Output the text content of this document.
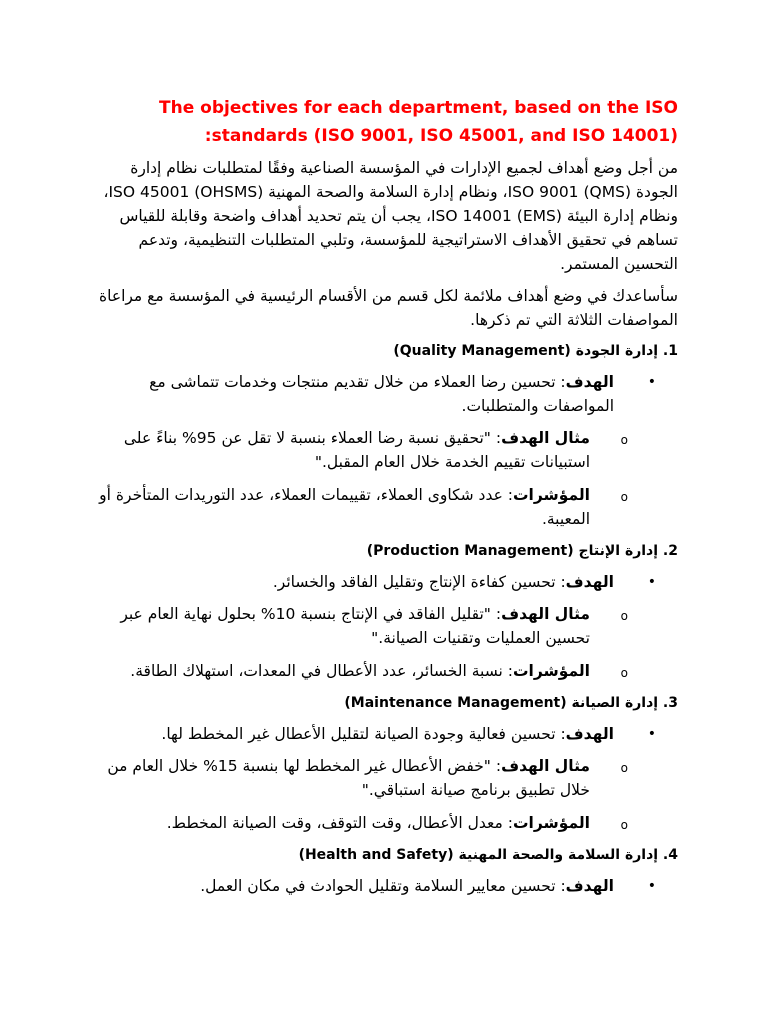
The objectives for each department, based on the ISO standards (ISO 9001, ISO 45001, and ISO 14001):

من أجل وضع أهداف لجميع الإدارات في المؤسسة الصناعية وفقًا لمتطلبات نظام إدارة الجودة (QMS) ISO 9001، ونظام إدارة السلامة والصحة المهنية ISO 45001 (OHSMS)، ونظام إدارة البيئة (EMS) ISO 14001، يجب أن يتم تحديد أهداف واضحة وقابلة للقياس تساهم في تحقيق الأهداف الاستراتيجية للمؤسسة، وتلبي المتطلبات التنظيمية، وتدعم التحسين المستمر.

سأساعدك في وضع أهداف ملائمة لكل قسم من الأقسام الرئيسية في المؤسسة مع مراعاة المواصفات الثلاثة التي تم ذكرها.

1. إدارة الجودة (Quality Management)
•
الهدف: تحسين رضا العملاء من خلال تقديم منتجات وخدمات تتماشى مع المواصفات والمتطلبات.
o
مثال الهدف: "تحقيق نسبة رضا العملاء بنسبة لا تقل عن 95% بناءً على استبيانات تقييم الخدمة خلال العام المقبل."
o
المؤشرات: عدد شكاوى العملاء، تقييمات العملاء، عدد التوريدات المتأخرة أو المعيبة.
2. إدارة الإنتاج (Production Management)
•
الهدف: تحسين كفاءة الإنتاج وتقليل الفاقد والخسائر.
o
مثال الهدف: "تقليل الفاقد في الإنتاج بنسبة 10% بحلول نهاية العام عبر تحسين العمليات وتقنيات الصيانة."
o
المؤشرات: نسبة الخسائر، عدد الأعطال في المعدات، استهلاك الطاقة.
3. إدارة الصيانة (Maintenance Management)
•
الهدف: تحسين فعالية وجودة الصيانة لتقليل الأعطال غير المخطط لها.
o
مثال الهدف: "خفض الأعطال غير المخطط لها بنسبة 15% خلال العام من خلال تطبيق برنامج صيانة استباقي."
o
المؤشرات: معدل الأعطال، وقت التوقف، وقت الصيانة المخطط.
4. إدارة السلامة والصحة المهنية (Health and Safety)
•
الهدف: تحسين معايير السلامة وتقليل الحوادث في مكان العمل.
